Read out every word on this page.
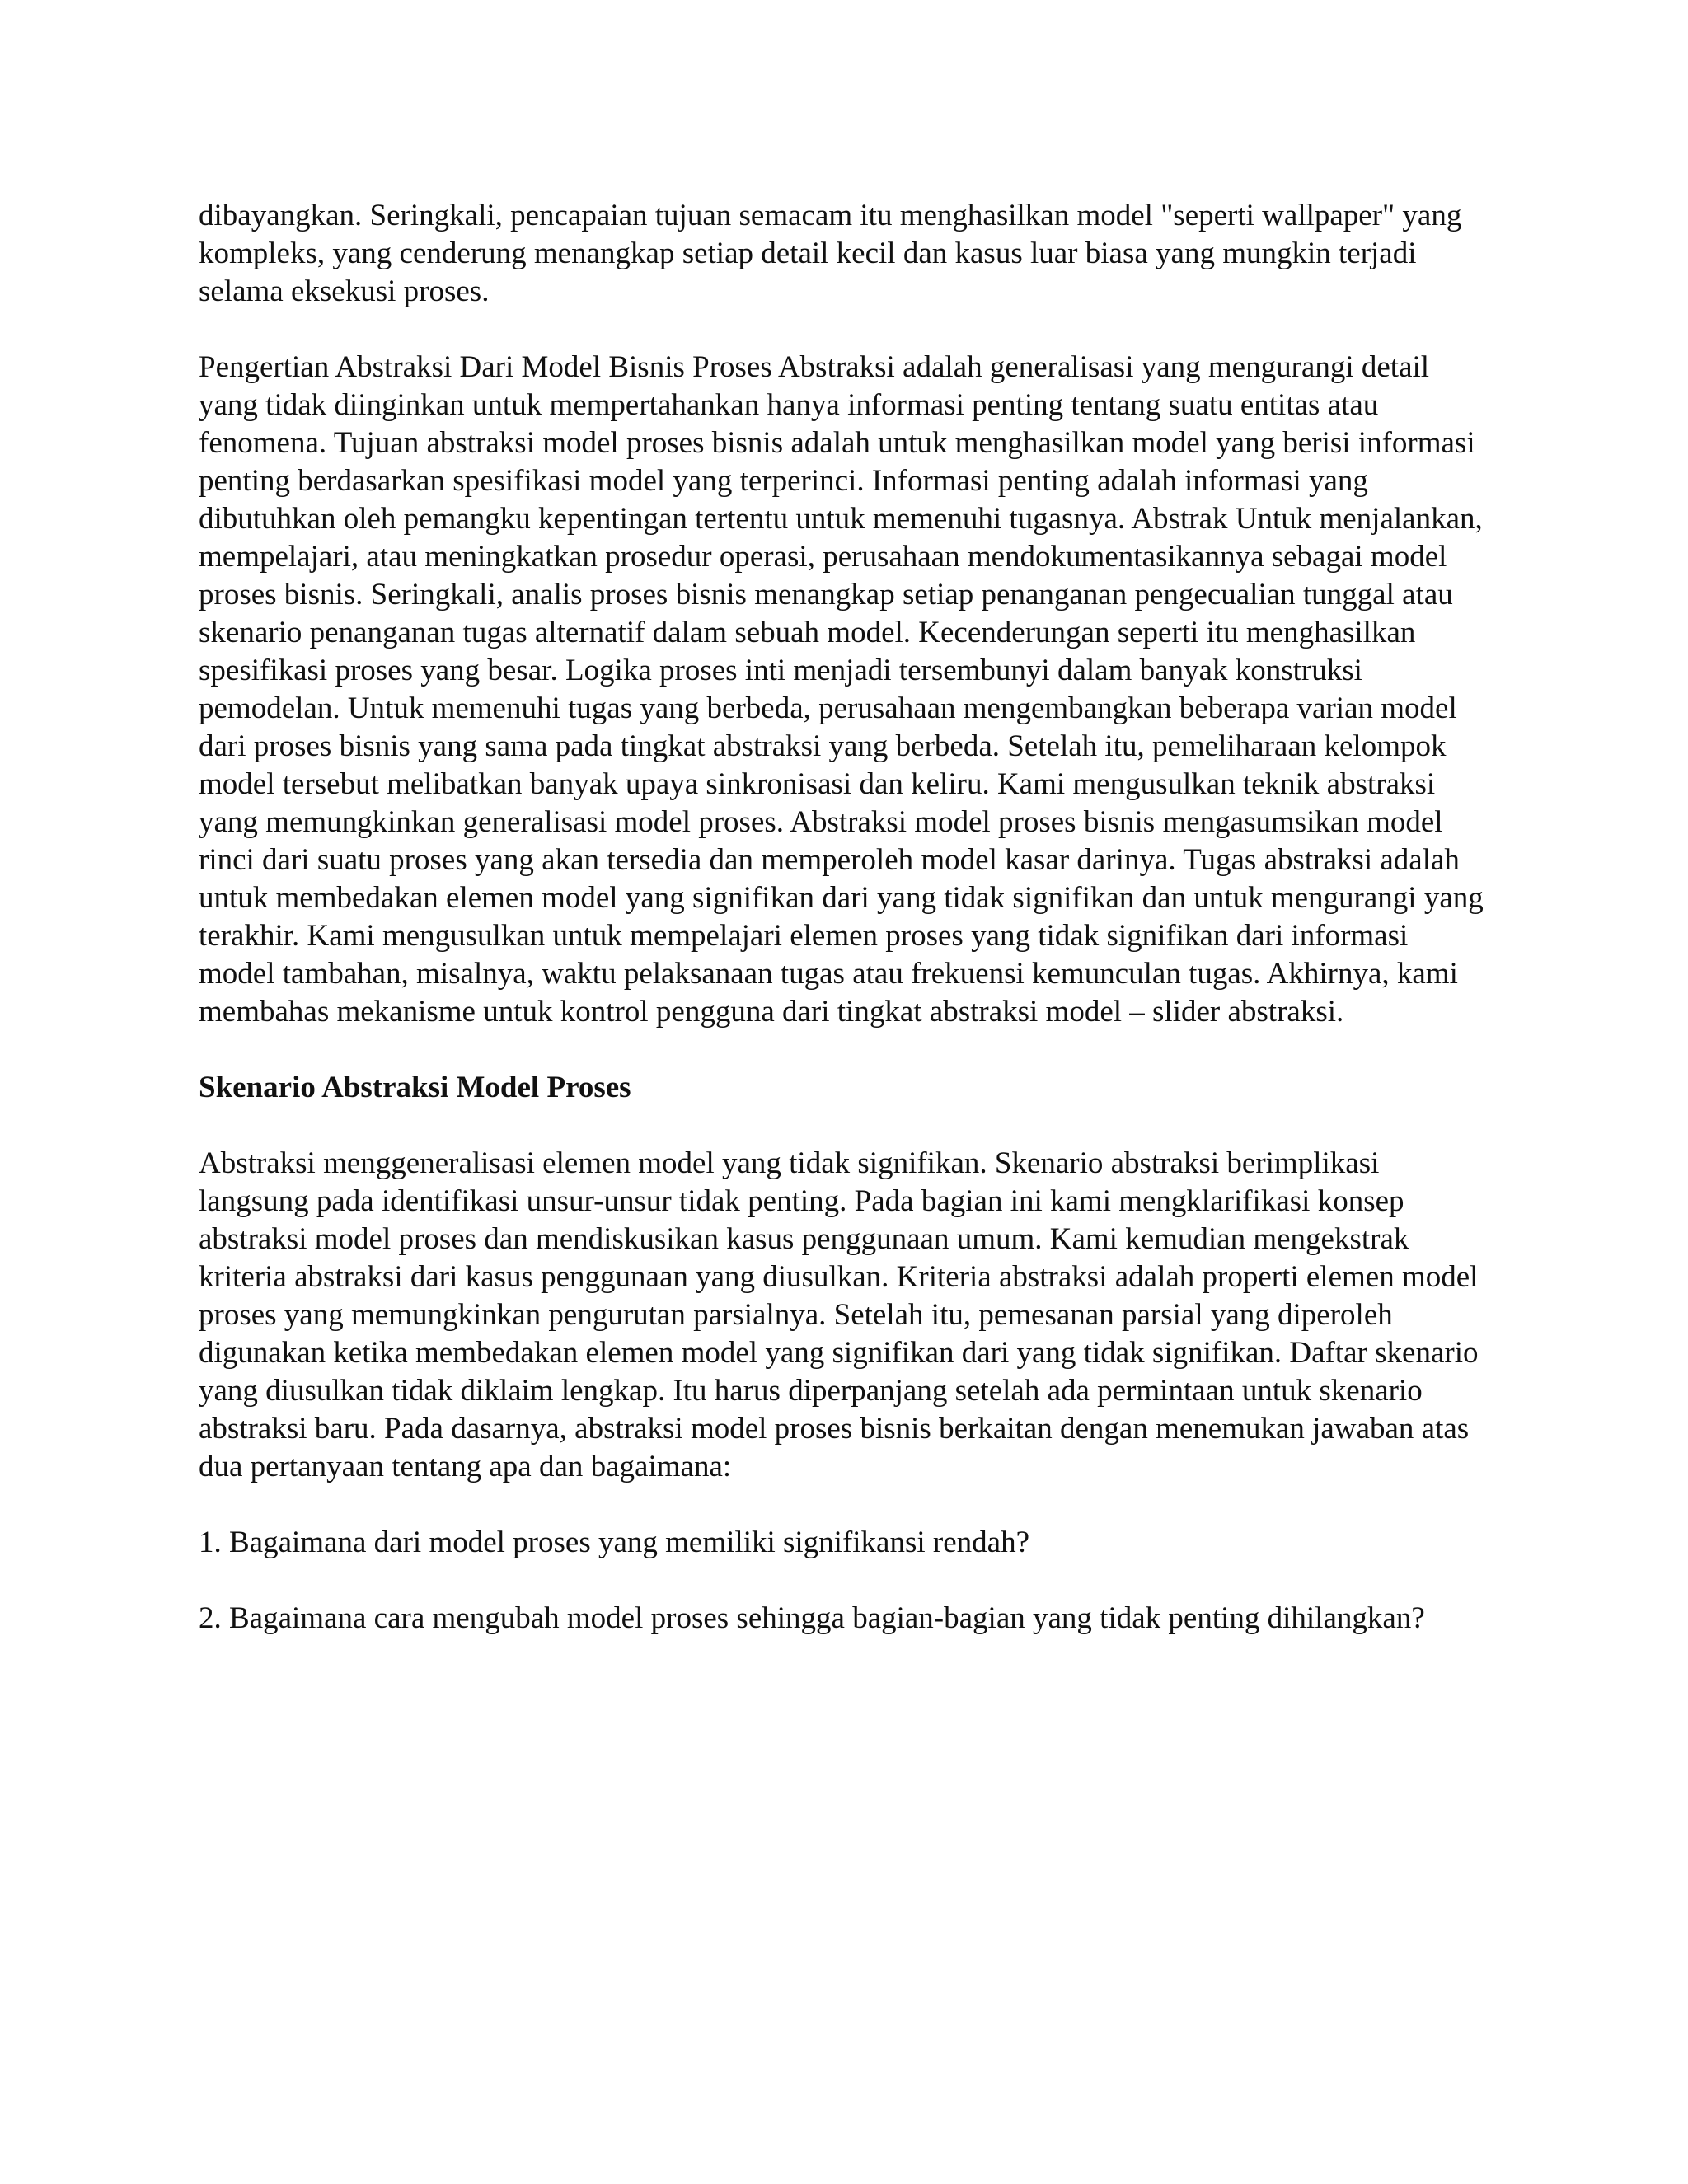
dibayangkan. Seringkali, pencapaian tujuan semacam itu menghasilkan model "seperti wallpaper" yang kompleks, yang cenderung menangkap setiap detail kecil dan kasus luar biasa yang mungkin terjadi selama eksekusi proses.

Pengertian Abstraksi Dari Model Bisnis Proses Abstraksi adalah generalisasi yang mengurangi detail yang tidak diinginkan untuk mempertahankan hanya informasi penting tentang suatu entitas atau fenomena. Tujuan abstraksi model proses bisnis adalah untuk menghasilkan model yang berisi informasi penting berdasarkan spesifikasi model yang terperinci. Informasi penting adalah informasi yang dibutuhkan oleh pemangku kepentingan tertentu untuk memenuhi tugasnya. Abstrak Untuk menjalankan, mempelajari, atau meningkatkan prosedur operasi, perusahaan mendokumentasikannya sebagai model proses bisnis. Seringkali, analis proses bisnis menangkap setiap penanganan pengecualian tunggal atau skenario penanganan tugas alternatif dalam sebuah model. Kecenderungan seperti itu menghasilkan spesifikasi proses yang besar. Logika proses inti menjadi tersembunyi dalam banyak konstruksi pemodelan. Untuk memenuhi tugas yang berbeda, perusahaan mengembangkan beberapa varian model dari proses bisnis yang sama pada tingkat abstraksi yang berbeda. Setelah itu, pemeliharaan kelompok model tersebut melibatkan banyak upaya sinkronisasi dan keliru. Kami mengusulkan teknik abstraksi yang memungkinkan generalisasi model proses. Abstraksi model proses bisnis mengasumsikan model rinci dari suatu proses yang akan tersedia dan memperoleh model kasar darinya. Tugas abstraksi adalah untuk membedakan elemen model yang signifikan dari yang tidak signifikan dan untuk mengurangi yang terakhir. Kami mengusulkan untuk mempelajari elemen proses yang tidak signifikan dari informasi model tambahan, misalnya, waktu pelaksanaan tugas atau frekuensi kemunculan tugas. Akhirnya, kami membahas mekanisme untuk kontrol pengguna dari tingkat abstraksi model – slider abstraksi.

Skenario Abstraksi Model Proses

Abstraksi menggeneralisasi elemen model yang tidak signifikan. Skenario abstraksi berimplikasi langsung pada identifikasi unsur-unsur tidak penting. Pada bagian ini kami mengklarifikasi konsep abstraksi model proses dan mendiskusikan kasus penggunaan umum. Kami kemudian mengekstrak kriteria abstraksi dari kasus penggunaan yang diusulkan. Kriteria abstraksi adalah properti elemen model proses yang memungkinkan pengurutan parsialnya. Setelah itu, pemesanan parsial yang diperoleh digunakan ketika membedakan elemen model yang signifikan dari yang tidak signifikan. Daftar skenario yang diusulkan tidak diklaim lengkap. Itu harus diperpanjang setelah ada permintaan untuk skenario abstraksi baru. Pada dasarnya, abstraksi model proses bisnis berkaitan dengan menemukan jawaban atas dua pertanyaan tentang apa dan bagaimana:

1. Bagaimana dari model proses yang memiliki signifikansi rendah?

2. Bagaimana cara mengubah model proses sehingga bagian-bagian yang tidak penting dihilangkan?
